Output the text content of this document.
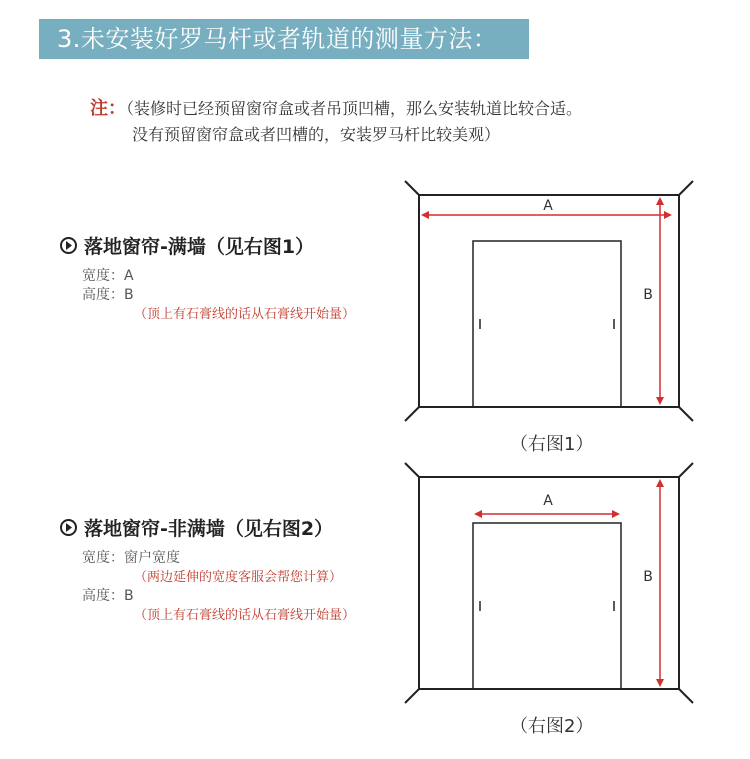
3.未安装好罗马杆或者轨道的测量方法：
注：（装修时已经预留窗帘盒或者吊顶凹槽，那么安装轨道比较合适。
没有预留窗帘盒或者凹槽的，安装罗马杆比较美观）
落地窗帘-满墙（见右图1）
宽度：A
高度：B
（顶上有石膏线的话从石膏线开始量）
落地窗帘-非满墙（见右图2）
宽度：窗户宽度
（两边延伸的宽度客服会帮您计算）
高度：B
（顶上有石膏线的话从石膏线开始量）
A
B
（右图1）
A
B
（右图2）
